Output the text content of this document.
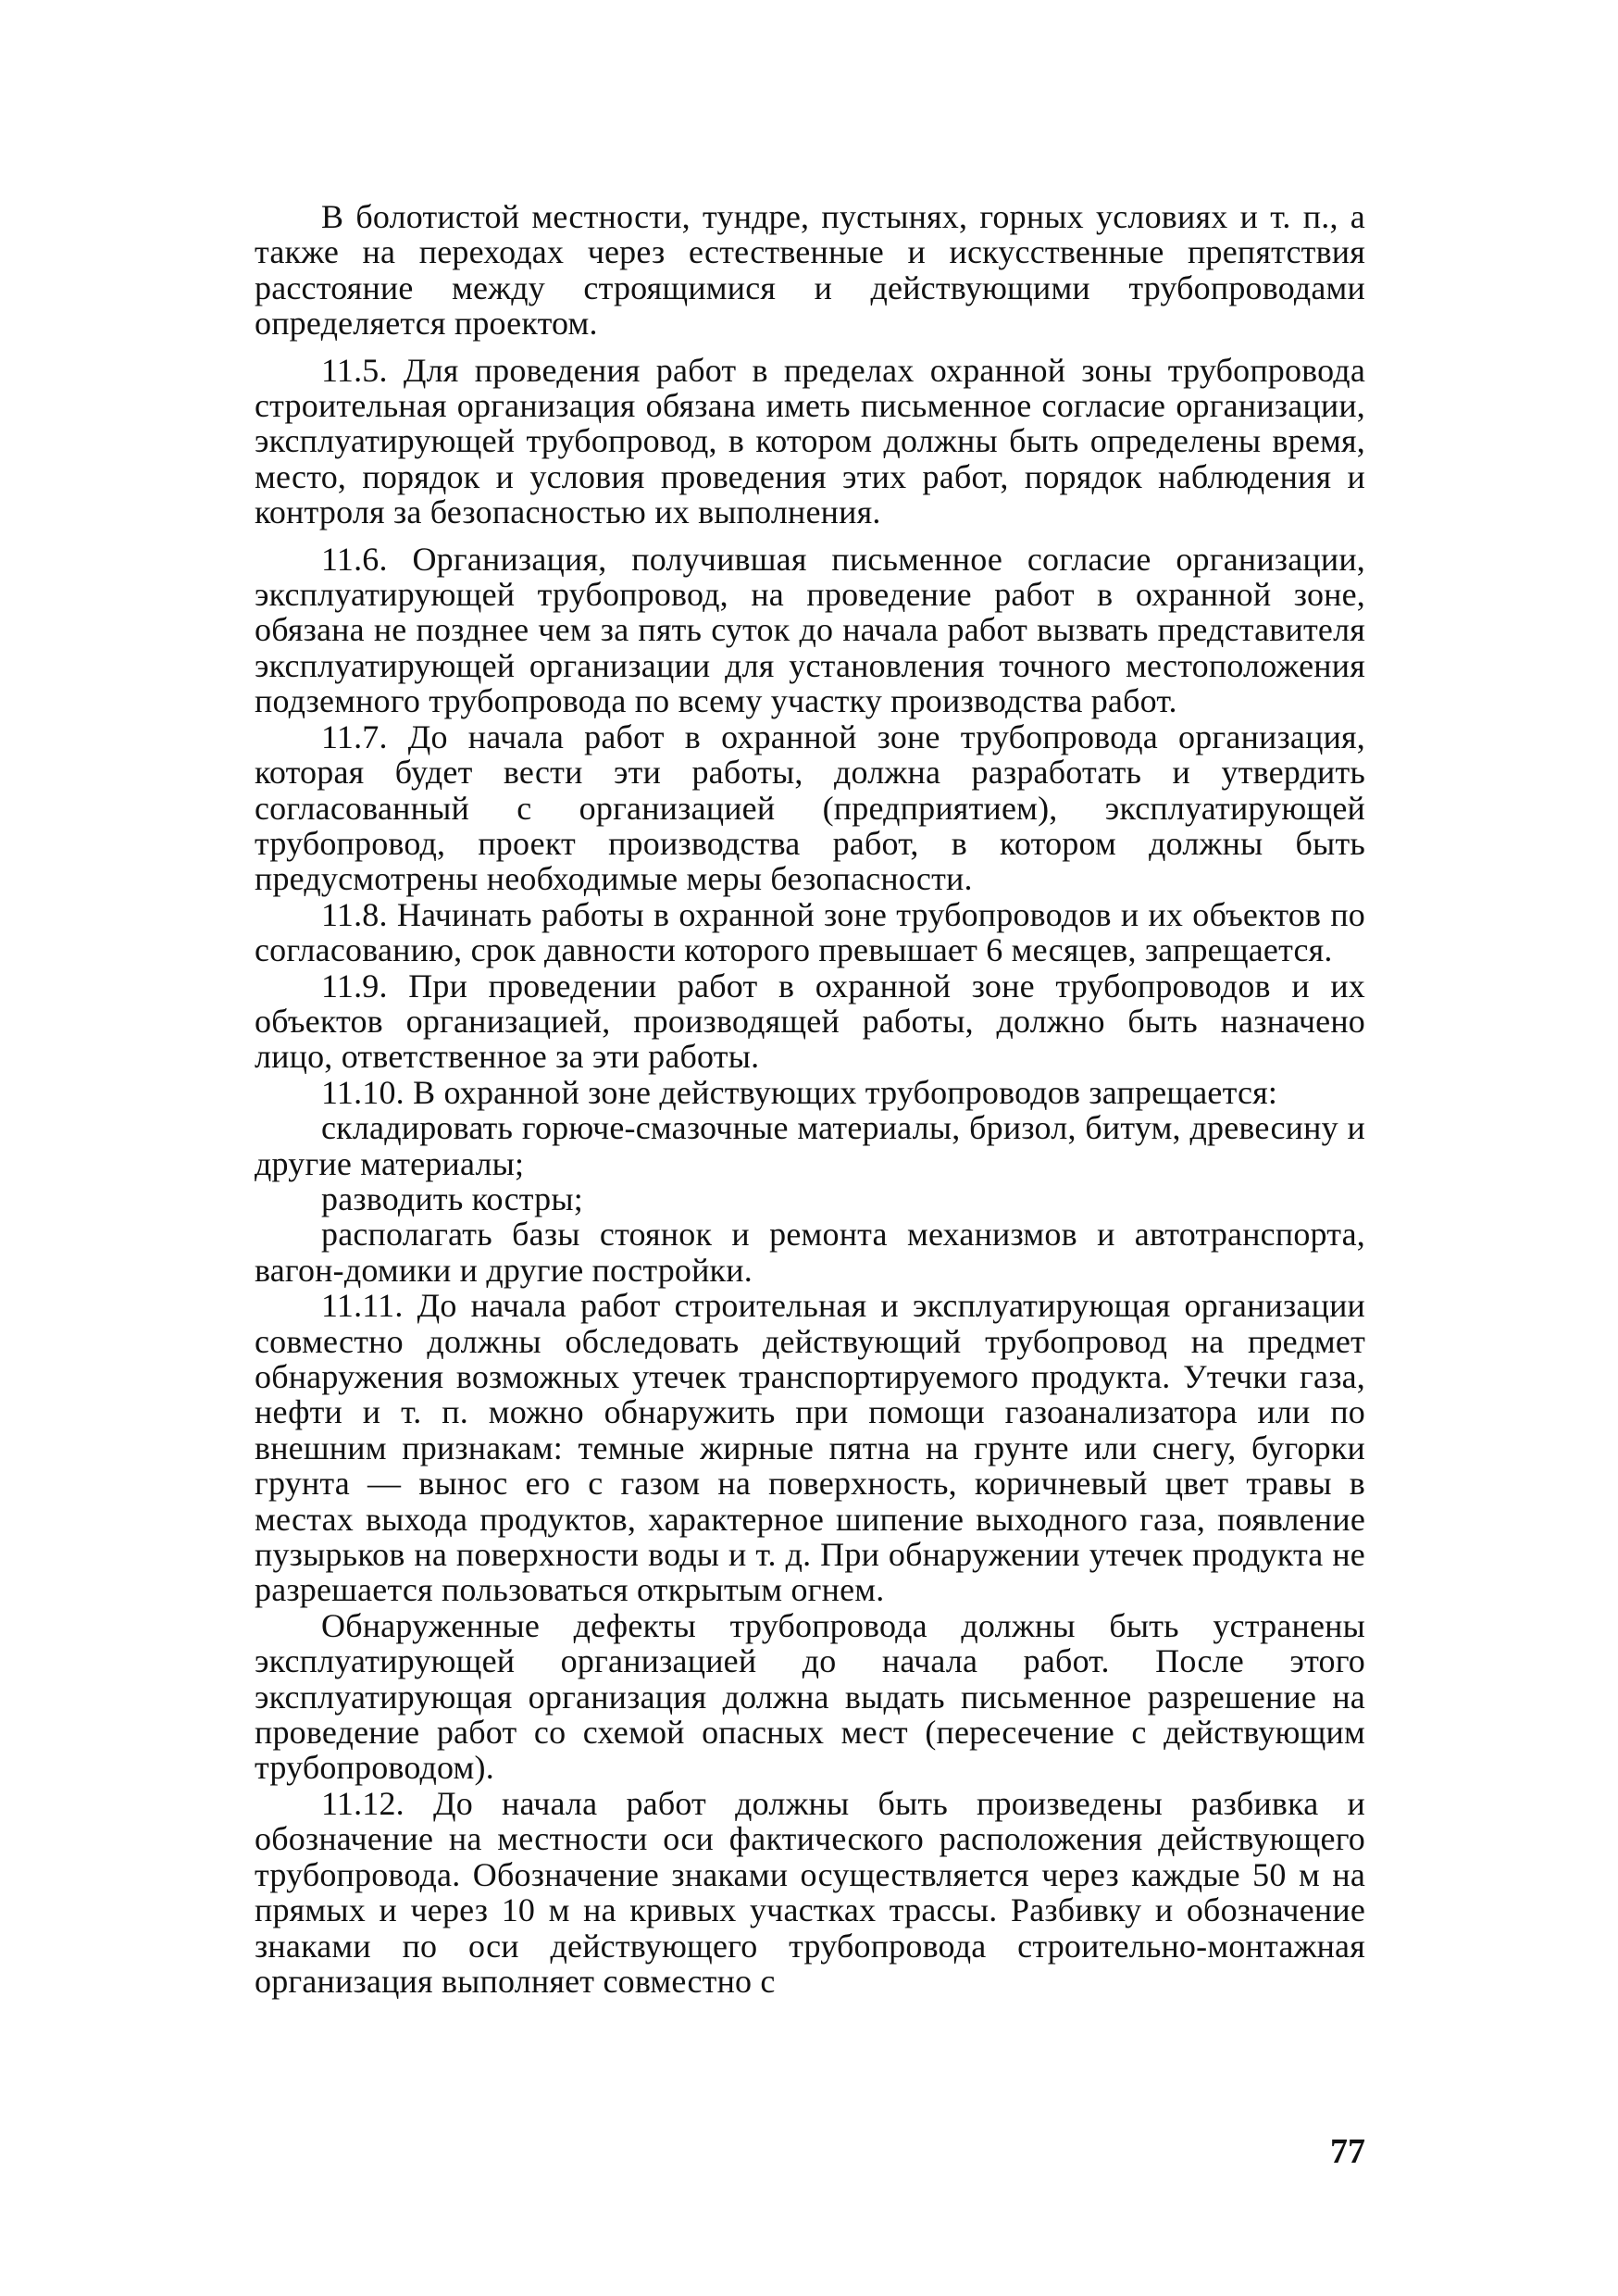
В болотистой местности, тундре, пустынях, горных условиях и т. п., а также на переходах через естественные и искусственные препятствия расстояние между строящимися и действующими трубопроводами определяется проектом.

11.5. Для проведения работ в пределах охранной зоны трубопровода строительная организация обязана иметь письменное согласие организации, эксплуатирующей трубопровод, в котором должны быть определены время, место, порядок и условия проведения этих работ, порядок наблюдения и контроля за безопасностью их выполнения.

11.6. Организация, получившая письменное согласие организации, эксплуатирующей трубопровод, на проведение работ в охранной зоне, обязана не позднее чем за пять суток до начала работ вызвать представителя эксплуатирующей организации для установления точного местоположения подземного трубопровода по всему участку производства работ.

11.7. До начала работ в охранной зоне трубопровода организация, которая будет вести эти работы, должна разработать и утвердить согласованный с организацией (предприятием), эксплуатирующей трубопровод, проект производства работ, в котором должны быть предусмотрены необходимые меры безопасности.

11.8. Начинать работы в охранной зоне трубопроводов и их объектов по согласованию, срок давности которого превышает 6 месяцев, запрещается.

11.9. При проведении работ в охранной зоне трубопроводов и их объектов организацией, производящей работы, должно быть назначено лицо, ответственное за эти работы.

11.10. В охранной зоне действующих трубопроводов запрещается:

складировать горюче-смазочные материалы, бризол, битум, древесину и другие материалы;

разводить костры;

располагать базы стоянок и ремонта механизмов и автотранспорта, вагон-домики и другие постройки.

11.11. До начала работ строительная и эксплуатирующая организации совместно должны обследовать действующий трубопровод на предмет обнаружения возможных утечек транспортируемого продукта. Утечки газа, нефти и т. п. можно обнаружить при помощи газоанализатора или по внешним признакам: темные жирные пятна на грунте или снегу, бугорки грунта — вынос его с газом на поверхность, коричневый цвет травы в местах выхода продуктов, характерное шипение выходного газа, появление пузырьков на поверхности воды и т. д. При обнаружении утечек продукта не разрешается пользоваться открытым огнем.

Обнаруженные дефекты трубопровода должны быть устранены эксплуатирующей организацией до начала работ. После этого эксплуатирующая организация должна выдать письменное разрешение на проведение работ со схемой опасных мест (пересечение с действующим трубопроводом).

11.12. До начала работ должны быть произведены разбивка и обозначение на местности оси фактического расположения действующего трубопровода. Обозначение знаками осуществляется через каждые 50 м на прямых и через 10 м на кривых участках трассы. Разбивку и обозначение знаками по оси действующего трубопровода строительно-монтажная организация выполняет совместно с

77
